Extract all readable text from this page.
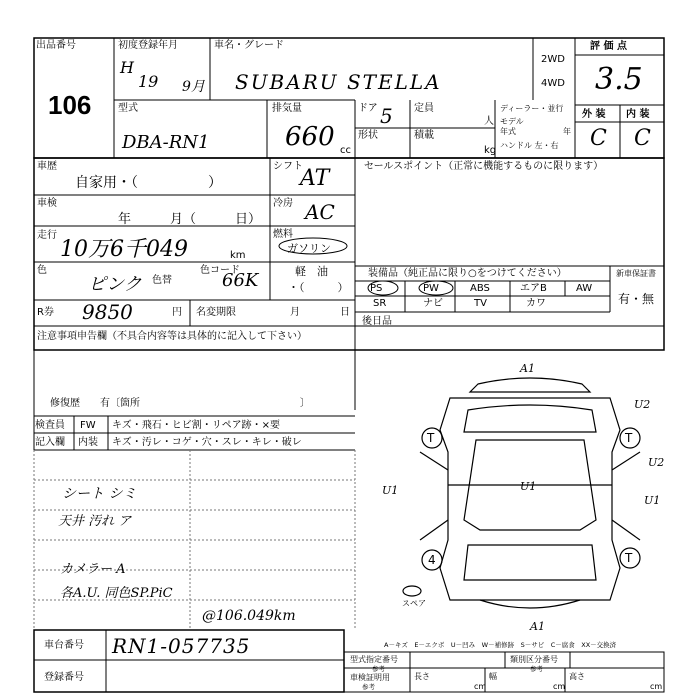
出品番号
106
初度登録年月
H
19 9月
車名・グレード
SUBARU STELLA
2WD
4WD
評 価 点
3.5
型式
DBA-RN1
排気量
660 cc
ドア 5
形状
定員
人
積載
kg
ディーラー・並行
モデル
年式	年
ハンドル 左・右
外 装 内 装
C C
車歴
自家用・（　　　　　）
シフト
AT
車検
年　　　月（　　　日）
冷房 AC
走行
10万6千049	km
燃料
ガソリン
軽　油
・（　　　）
色
ピンク 色替
色コード
66K
R券 9850	円 名変期限	月	日
セールスポイント（正常に機能するものに限ります）
装備品（純正品に限り○をつけてください）	新車保証書
有・無
PS	PW	ABS	エアB	AW
SR	ナビ	TV	カワ
後日品
注意事項申告欄（不具合内容等は具体的に記入して下さい）
修復歴　　有〔箇所　　　　　　　　　　　　　　　　〕
検査員
記入欄
FW キズ・飛石・ヒビ割・リペア跡・×要
内装 キズ・汚レ・コゲ・穴・スレ・キレ・破レ
シート シミ
天井 汚れ ア
カメラー A
各A.U. 同色SP.PiC
@106.049km
T	T
4	T
スペア
A1
U2
U2
U1	U1
U1
A1
A－キズ　E－エクボ　U－凹み　W－補修跡　S－サビ　C－腐食　XX－交換済
車台番号 RN1-057735
登録番号
型式指定番号
参考
類別区分番号
参考
車検証明用
参考
長さ
cm
幅
cm
高さ
cm
